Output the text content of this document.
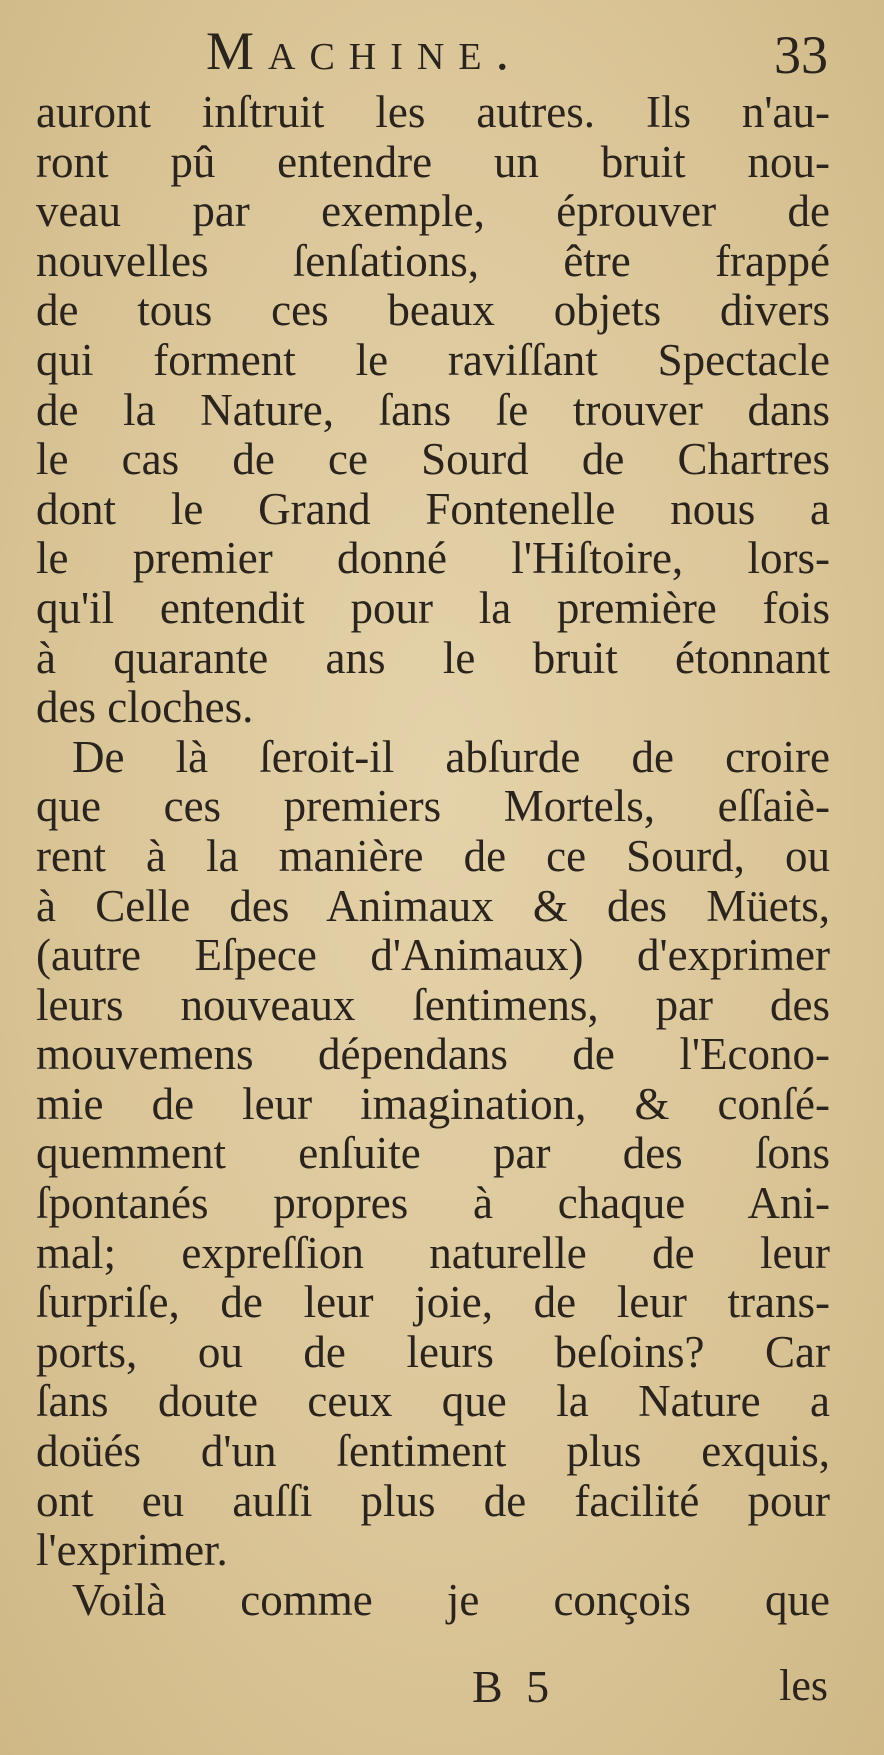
Machine.	33
auront inſtruit les autres. Ils n'au-
ront pû entendre un bruit nou-
veau par exemple, éprouver de
nouvelles ſenſations, être frappé
de tous ces beaux objets divers
qui forment le raviſſant Spectacle
de la Nature, ſans ſe trouver dans
le cas de ce Sourd de Chartres
dont le Grand Fontenelle nous a
le premier donné l'Hiſtoire, lors-
qu'il entendit pour la première fois
à quarante ans le bruit étonnant
des cloches.
De là ſeroit-il abſurde de croire
que ces premiers Mortels, eſſaiè-
rent à la manière de ce Sourd, ou
à Celle des Animaux & des Müets,
(autre Eſpece d'Animaux) d'exprimer
leurs nouveaux ſentimens, par des
mouvemens dépendans de l'Econo-
mie de leur imagination, & conſé-
quemment enſuite par des ſons
ſpontanés propres à chaque Ani-
mal; expreſſion naturelle de leur
ſurpriſe, de leur joie, de leur trans-
ports, ou de leurs beſoins? Car
ſans doute ceux que la Nature a
doüés d'un ſentiment plus exquis,
ont eu auſſi plus de facilité pour
l'exprimer.
Voilà comme je conçois que
B 5	les
